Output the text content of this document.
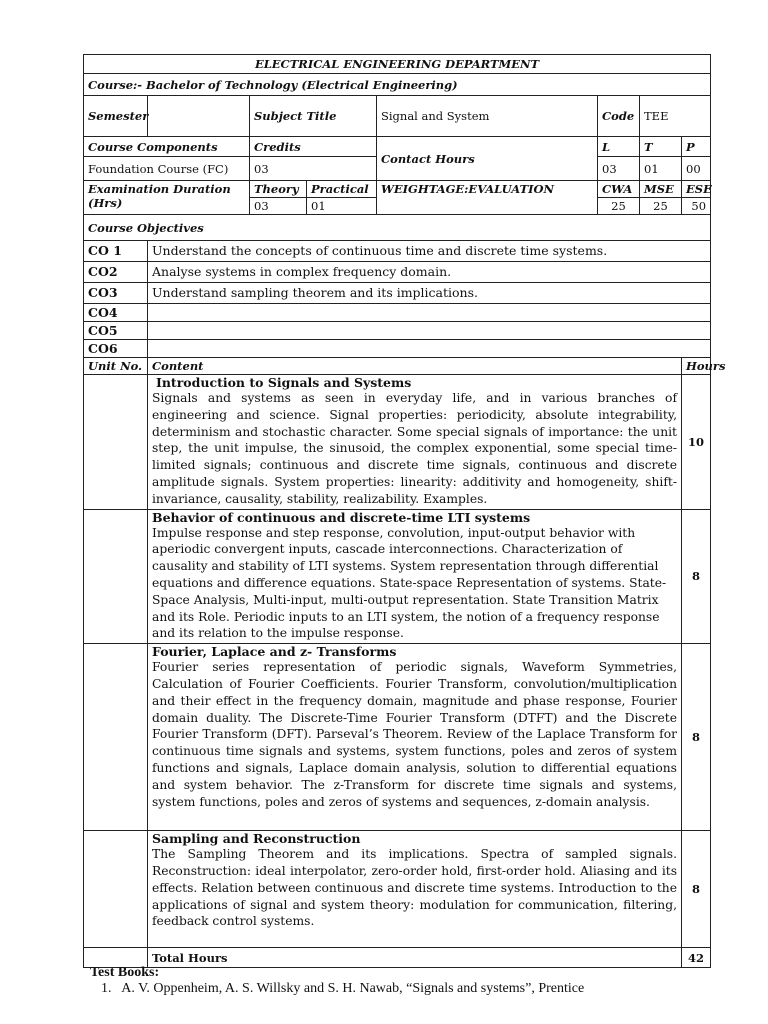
ELECTRICAL ENGINEERING DEPARTMENT							
Course:- Bachelor of Technology (Electrical Engineering)							
Semester		Subject Title		Signal and System	Code	TEE	
Course Components		Credits		Contact Hours	L	T	P
Foundation Course (FC)		03			03	01	00
Examination Duration (Hrs)		Theory	Practical	WEIGHTAGE:EVALUATION	CWA	MSE	ESE
		03	01		25	25	50
Course Objectives							
CO 1	Understand the concepts of continuous time and discrete time systems.						
CO2	Analyse systems in complex frequency domain.						
CO3	Understand sampling theorem and its implications.						
CO4							
CO5							
CO6							
Unit No.	Content						Hours

	Introduction to Signals and Systems
Signals and systems as seen in everyday life, and in various branches of engineering and science. Signal properties: periodicity, absolute integrability, determinism and stochastic character. Some special signals of importance: the unit step, the unit impulse, the sinusoid, the complex exponential, some special time-limited signals; continuous and discrete time signals, continuous and discrete amplitude signals. System properties: linearity: additivity and homogeneity, shift-invariance, causality, stability, realizability. Examples.						10

	Behavior of continuous and discrete-time LTI systems
Impulse response and step response, convolution, input-output behavior with aperiodic convergent inputs, cascade interconnections. Characterization of causality and stability of LTI systems. System representation through differential equations and difference equations. State-space Representation of systems. State-Space Analysis, Multi-input, multi-output representation. State Transition Matrix and its Role. Periodic inputs to an LTI system, the notion of a frequency response and its relation to the impulse response.						8

	Fourier, Laplace and z- Transforms
Fourier series representation of periodic signals, Waveform Symmetries, Calculation of Fourier Coefficients. Fourier Transform, convolution/multiplication and their effect in the frequency domain, magnitude and phase response, Fourier domain duality. The Discrete-Time Fourier Transform (DTFT) and the Discrete Fourier Transform (DFT). Parseval’s Theorem. Review of the Laplace Transform for continuous time signals and systems, system functions, poles and zeros of system functions and signals, Laplace domain analysis, solution to differential equations and system behavior. The z-Transform for discrete time signals and systems, system functions, poles and zeros of systems and sequences, z-domain analysis.						8

	Sampling and Reconstruction
The Sampling Theorem and its implications. Spectra of sampled signals. Reconstruction: ideal interpolator, zero-order hold, first-order hold. Aliasing and its effects. Relation between continuous and discrete time systems. Introduction to the applications of signal and system theory: modulation for communication, filtering, feedback control systems.						8
	Total Hours						42
Test Books:
1.   A. V. Oppenheim, A. S. Willsky and S. H. Nawab, “Signals and systems”, Prentice
